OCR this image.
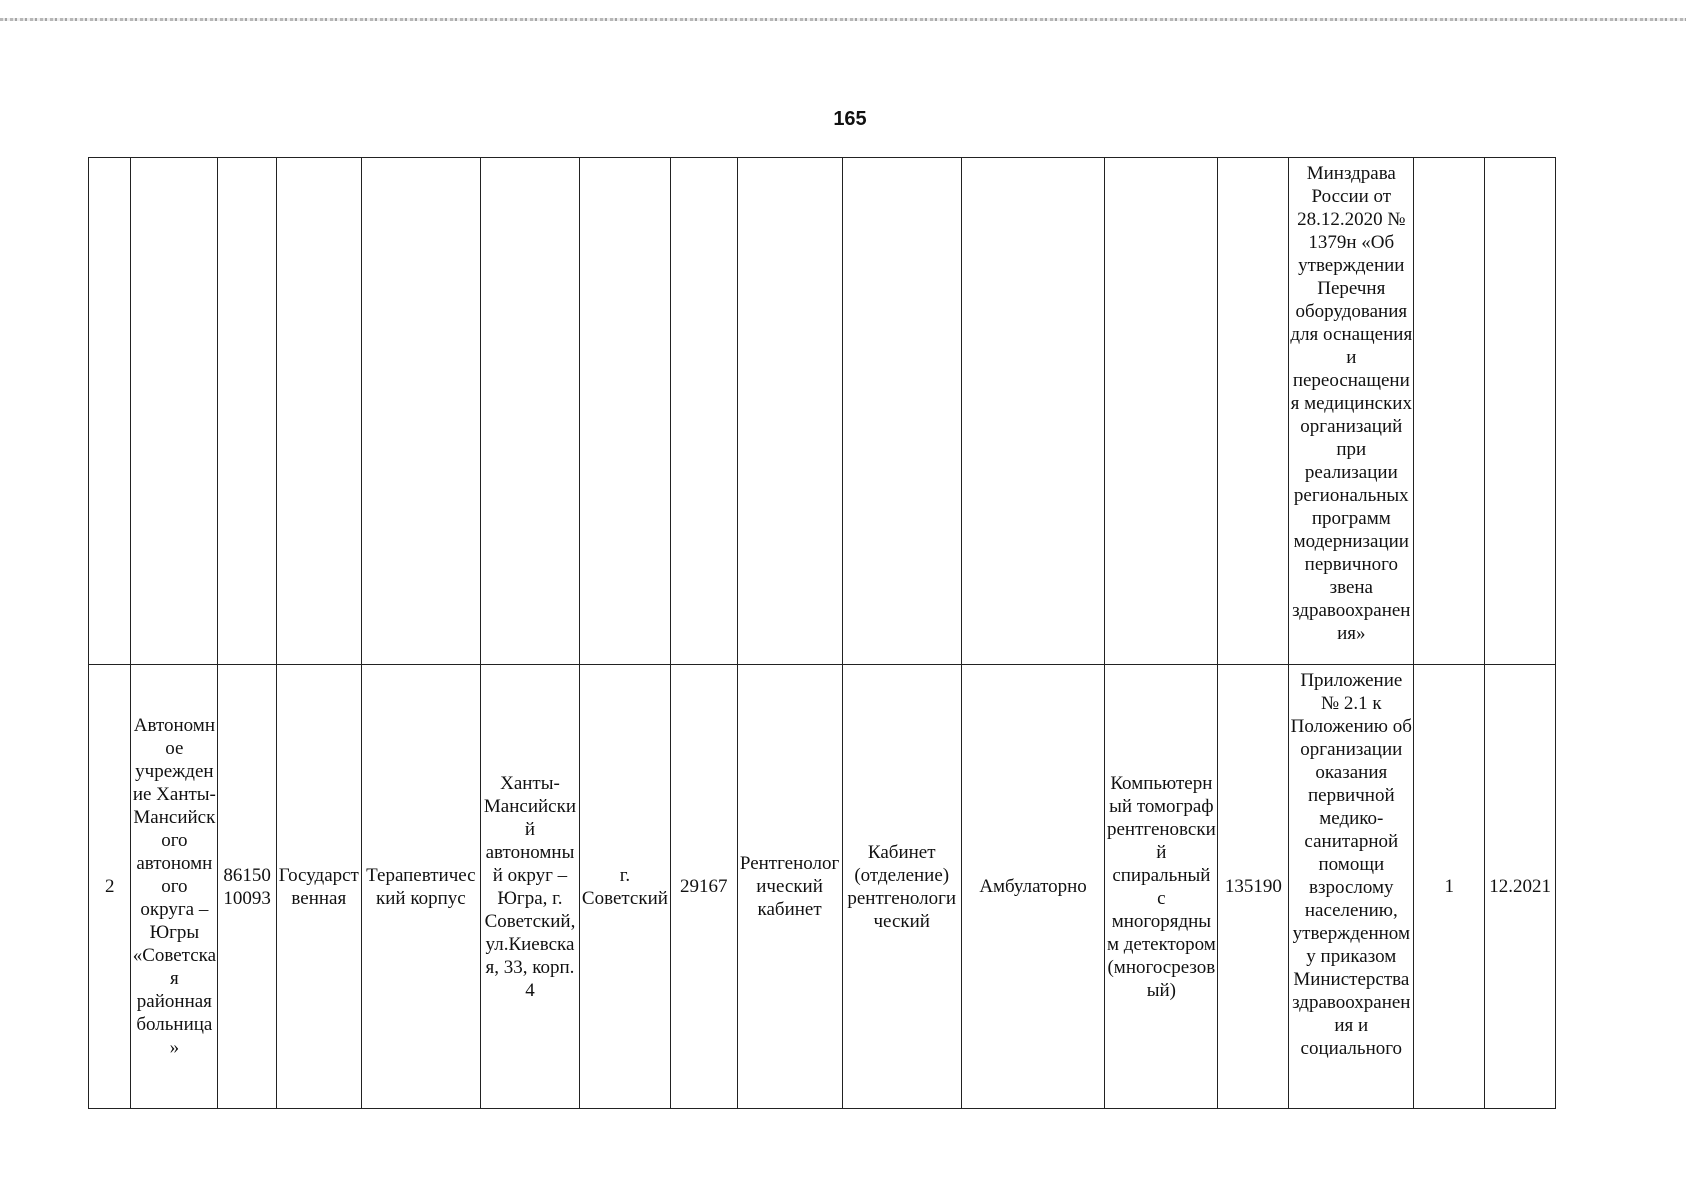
165
													Минздрава России от 28.12.2020 № 1379н «Об утверждении Перечня оборудования для оснащения и переоснащения медицинских организаций при реализации региональных программ модернизации первичного звена здравоохранения»		
2	Автономное учреждение Ханты-Мансийского автономного округа – Югры «Советская районная больница»	8615010093	Государственная	Терапевтический корпус	Ханты-Мансийский автономный округ – Югра, г. Советский, ул.Киевская, 33, корп. 4	г. Советский	29167	Рентгенологический кабинет	Кабинет (отделение) рентгенологический	Амбулаторно	Компьютерный томограф рентгеновский спиральный с многорядным детектором (многосрезовый)	135190	Приложение № 2.1 к Положению об организации оказания первичной медико-санитарной помощи взрослому населению, утвержденному приказом Министерства здравоохранения и социального	1	12.2021
